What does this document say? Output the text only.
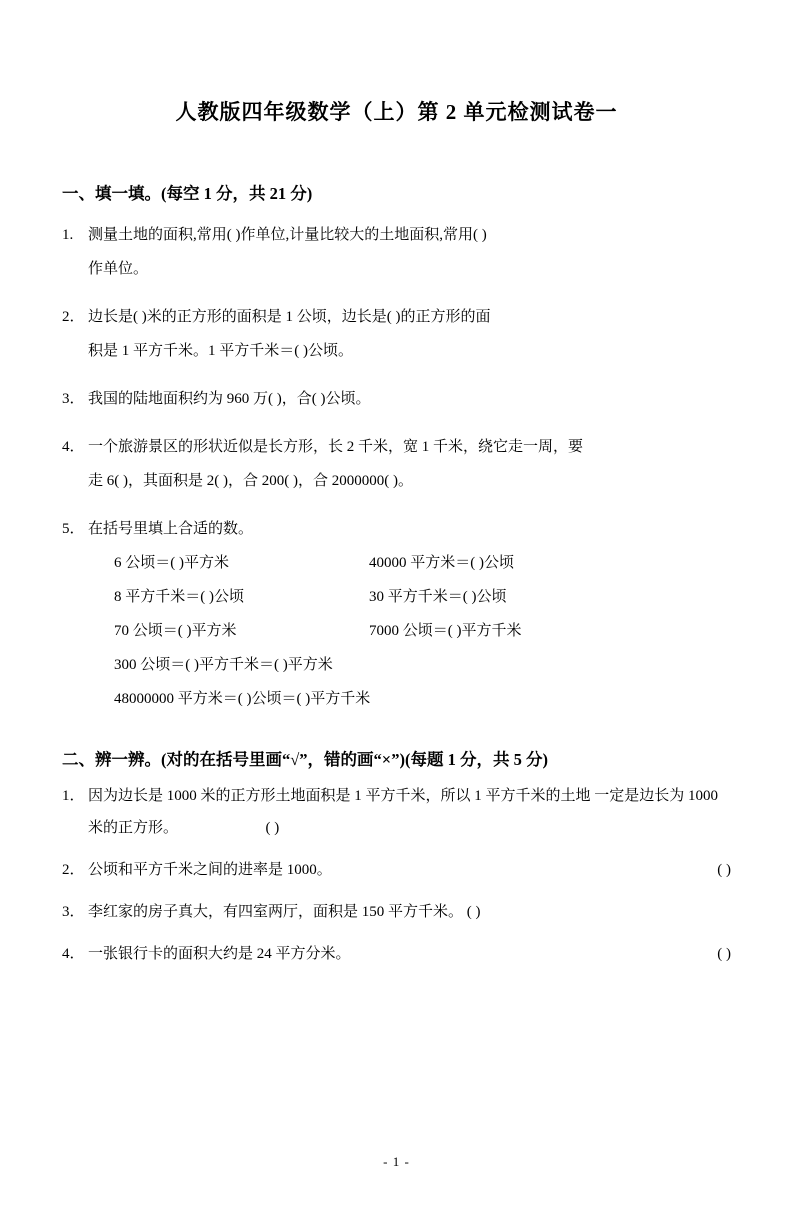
人教版四年级数学（上）第 2 单元检测试卷一
一、填一填。(每空 1 分，共 21 分)
1. 测量土地的面积,常用( )作单位,计量比较大的土地面积,常用( )
作单位。
2． 边长是( )米的正方形的面积是 1 公顷，边长是( )的正方形的面
积是 1 平方千米。1 平方千米＝( )公顷。
3． 我国的陆地面积约为 960 万( )，合( )公顷。
4． 一个旅游景区的形状近似是长方形，长 2 千米，宽 1 千米，绕它走一周，要
走 6( )，其面积是 2( )，合 200( )，合 2000000( )。
5． 在括号里填上合适的数。
6 公顷＝( )平方米	40000 平方米＝( )公顷
8 平方千米＝( )公顷	30 平方千米＝( )公顷
70 公顷＝( )平方米	7000 公顷＝( )平方千米
300 公顷＝( )平方千米＝( )平方米
48000000 平方米＝( )公顷＝( )平方千米
二、辨一辨。(对的在括号里画“√”，错的画“×”)(每题 1 分，共 5 分)
1． 因为边长是 1000 米的正方形土地面积是 1 平方千米，所以 1 平方千米的土地 一定是边长为 1000 米的正方形。	( )
2． 公顷和平方千米之间的进率是 1000。	( )
3． 李红家的房子真大，有四室两厅，面积是 150 平方千米。 ( )
4． 一张银行卡的面积大约是 24 平方分米。	( )
- 1 -
